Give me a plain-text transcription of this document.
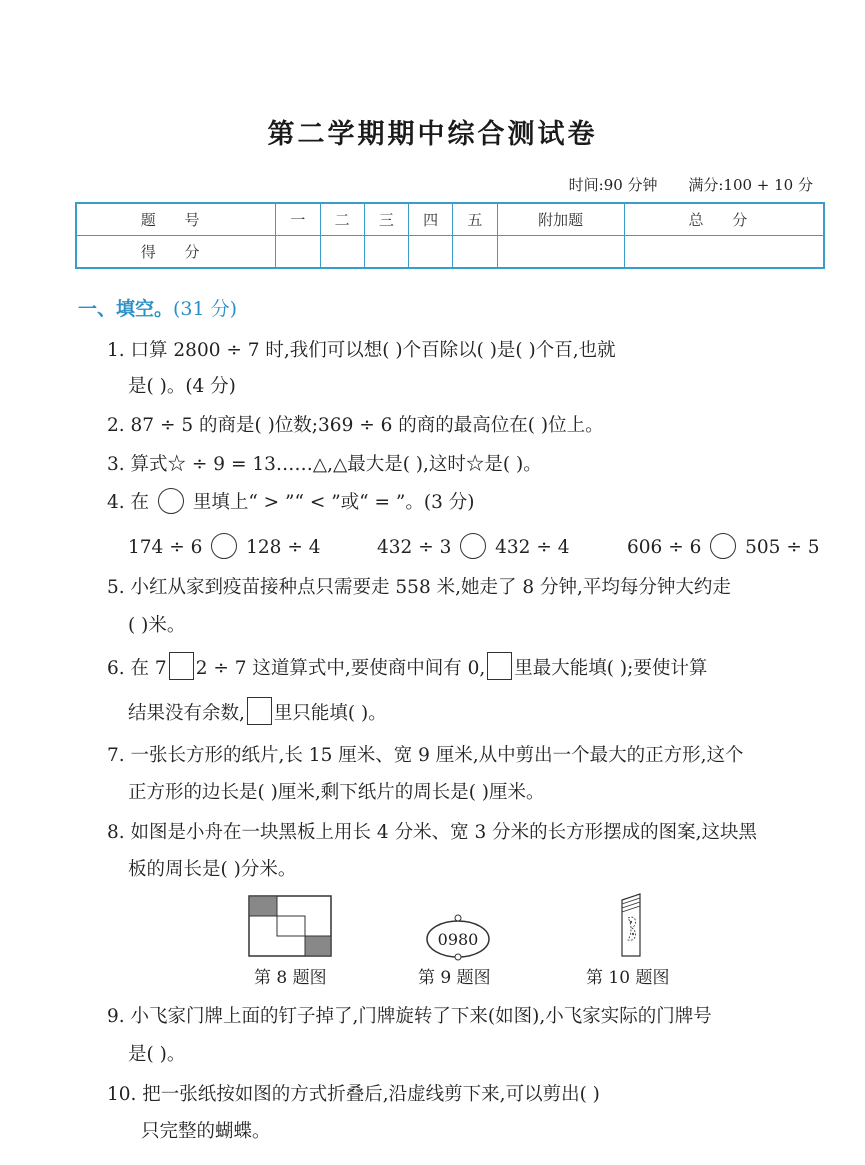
第二学期期中综合测试卷
时间:90 分钟 满分:100 + 10 分
题 号	一	二	三	四	五	附加题	总 分
得 分							
一、填空。(31 分)
1. 口算 2800 ÷ 7 时,我们可以想( )个百除以( )是( )个百,也就
是( )。(4 分)
2. 87 ÷ 5 的商是( )位数;369 ÷ 6 的商的最高位在( )位上。
3. 算式☆ ÷ 9 = 13……△,△最大是( ),这时☆是( )。
4. 在 里填上“ > ”“ < ”或“ = ”。(3 分)
174 ÷ 6 128 ÷ 4	432 ÷ 3 432 ÷ 4	606 ÷ 6 505 ÷ 5
5. 小红从家到疫苗接种点只需要走 558 米,她走了 8 分钟,平均每分钟大约走
( )米。
6. 在 7 2 ÷ 7 这道算式中,要使商中间有 0, 里最大能填( );要使计算
结果没有余数, 里只能填( )。
7. 一张长方形的纸片,长 15 厘米、宽 9 厘米,从中剪出一个最大的正方形,这个
正方形的边长是( )厘米,剩下纸片的周长是( )厘米。
8. 如图是小舟在一块黑板上用长 4 分米、宽 3 分米的长方形摆成的图案,这块黑
板的周长是( )分米。
0980
第 8 题图	第 9 题图	第 10 题图
9. 小飞家门牌上面的钉子掉了,门牌旋转了下来(如图),小飞家实际的门牌号
是( )。
10. 把一张纸按如图的方式折叠后,沿虚线剪下来,可以剪出( )
只完整的蝴蝶。
